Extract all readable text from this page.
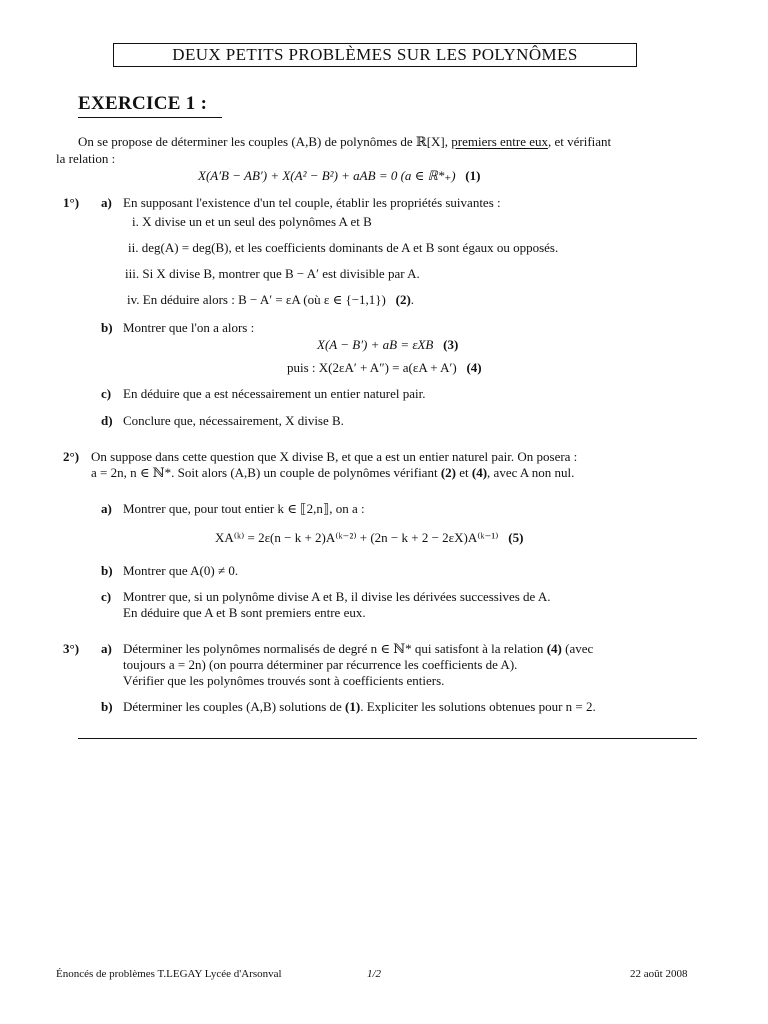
DEUX PETITS PROBLÈMES SUR LES POLYNÔMES
EXERCICE 1 :
On se propose de déterminer les couples (A,B) de polynômes de ℝ[X], premiers entre eux, et vérifiant
la relation :
X(A′B − AB′) + X(A² − B²) + aAB = 0 (a ∈ ℝ*₊) (1)
1°) a) En supposant l'existence d'un tel couple, établir les propriétés suivantes :
i. X divise un et un seul des polynômes A et B
ii. deg(A) = deg(B), et les coefficients dominants de A et B sont égaux ou opposés.
iii. Si X divise B, montrer que B − A′ est divisible par A.
iv. En déduire alors : B − A′ = εA (où ε ∈ {−1,1}) (2).
b) Montrer que l'on a alors :
X(A − B′) + aB = εXB (3)
puis : X(2εA′ + A″) = a(εA + A′) (4)
c) En déduire que a est nécessairement un entier naturel pair.
d) Conclure que, nécessairement, X divise B.
2°) On suppose dans cette question que X divise B, et que a est un entier naturel pair. On posera :
a = 2n, n ∈ ℕ*. Soit alors (A,B) un couple de polynômes vérifiant (2) et (4), avec A non nul.
a) Montrer que, pour tout entier k ∈ ⟦2,n⟧, on a :
XA⁽ᵏ⁾ = 2ε(n − k + 2)A⁽ᵏ⁻²⁾ + (2n − k + 2 − 2εX)A⁽ᵏ⁻¹⁾ (5)
b) Montrer que A(0) ≠ 0.
c) Montrer que, si un polynôme divise A et B, il divise les dérivées successives de A.
En déduire que A et B sont premiers entre eux.
3°) a) Déterminer les polynômes normalisés de degré n ∈ ℕ* qui satisfont à la relation (4) (avec
toujours a = 2n) (on pourra déterminer par récurrence les coefficients de A).
Vérifier que les polynômes trouvés sont à coefficients entiers.
b) Déterminer les couples (A,B) solutions de (1). Expliciter les solutions obtenues pour n = 2.
Énoncés de problèmes T.LEGAY Lycée d'Arsonval	1/2	22 août 2008
